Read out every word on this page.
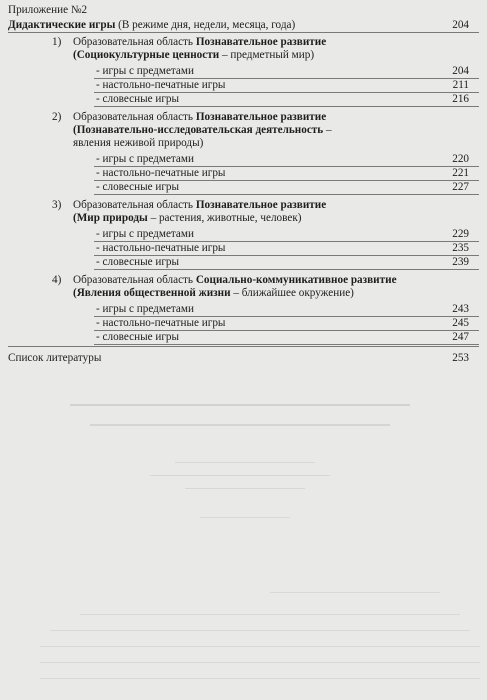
Приложение №2
Дидактические игры (В режиме дня, недели, месяца, года)	204
1) Образовательная область Познавательное развитие
(Социокультурные ценности – предметный мир)
- игры с предметами	204
- настольно-печатные игры	211
- словесные игры	216
2) Образовательная область Познавательное развитие
(Познавательно-исследовательская деятельность –
явления неживой природы)
- игры с предметами	220
- настольно-печатные игры	221
- словесные игры	227
3) Образовательная область Познавательное развитие
(Мир природы – растения, животные, человек)
- игры с предметами	229
- настольно-печатные игры	235
- словесные игры	239
4) Образовательная область Социально-коммуникативное развитие
(Явления общественной жизни – ближайшее окружение)
- игры с предметами	243
- настольно-печатные игры	245
- словесные игры	247
Список литературы	253
